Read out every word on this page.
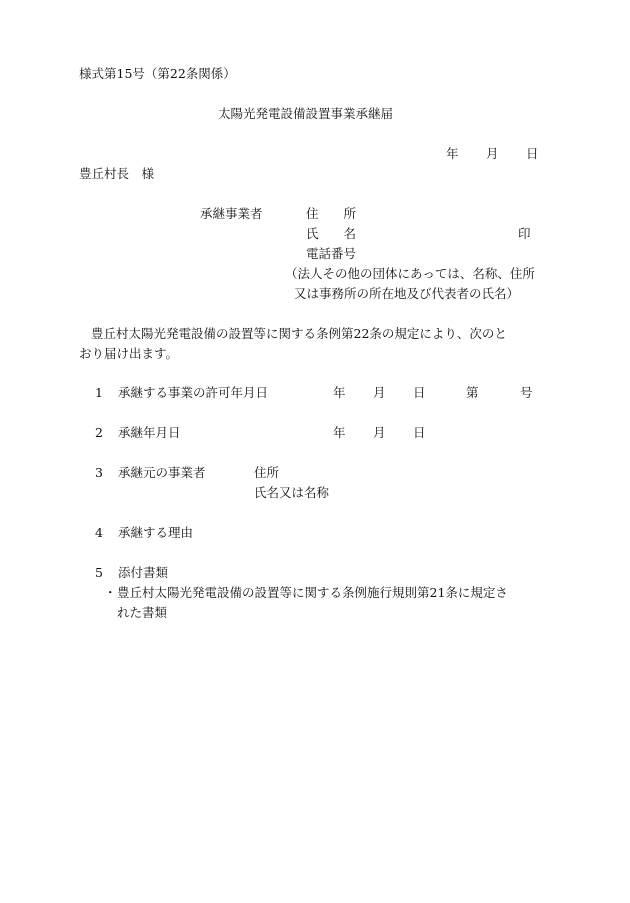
様式第15号（第22条関係）
太陽光発電設備設置事業承継届
年 月 日
豊丘村長　様
承継事業者	住　　所
氏　　名	印
電話番号
（法人その他の団体にあっては、名称、住所
又は事務所の所在地及び代表者の氏名）
豊丘村太陽光発電設備の設置等に関する条例第22条の規定により、次のと
おり届け出ます。
1 承継する事業の許可年月日	年 月 日	第	号
2 承継年月日	年 月 日
3 承継元の事業者	住所
氏名又は名称
4 承継する理由
5 添付書類
・ 豊丘村太陽光発電設備の設置等に関する条例施行規則第21条に規定さ
れた書類
